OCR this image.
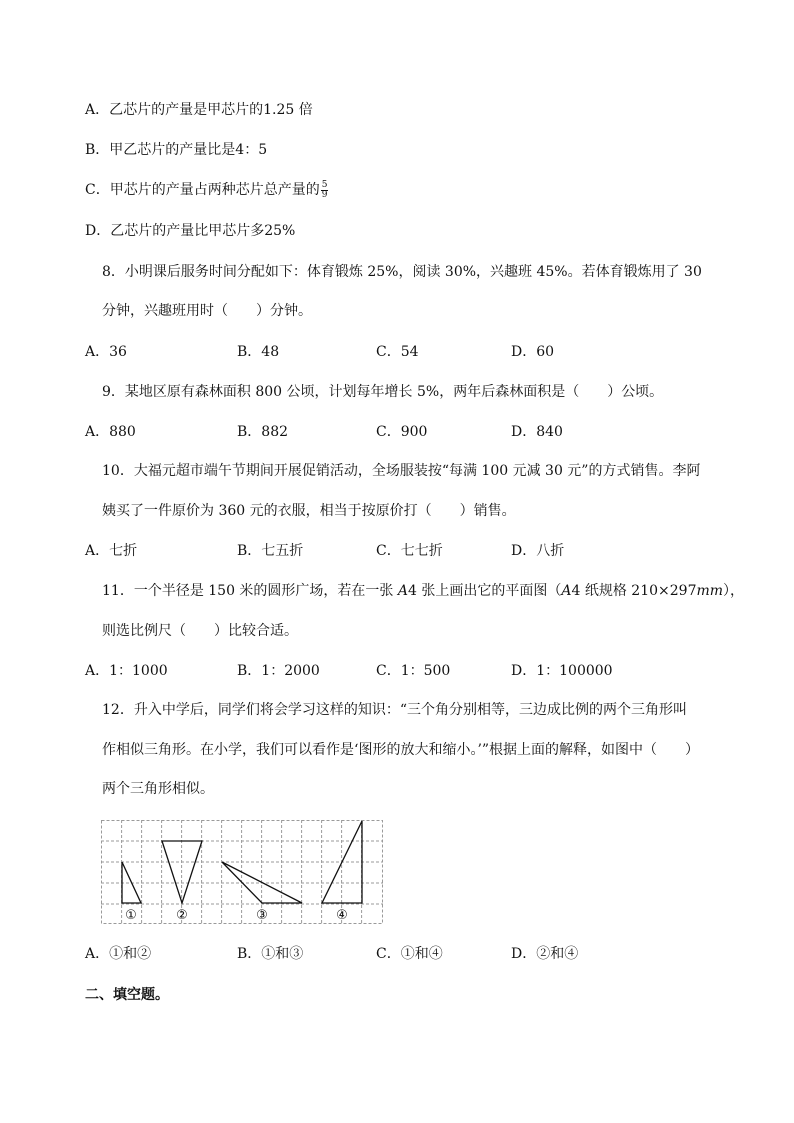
A．乙芯片的产量是甲芯片的1.25 倍
B．甲乙芯片的产量比是4：5
C．甲芯片的产量占两种芯片总产量的 $\frac{5}{9}$
D．乙芯片的产量比甲芯片多25%
8．小明课后服务时间分配如下：体育锻炼 25%，阅读 30%，兴趣班 45%。若体育锻炼用了 30
分钟，兴趣班用时（　　）分钟。
A．36	B．48	C．54	D．60
9．某地区原有森林面积 800 公顷，计划每年增长 5%，两年后森林面积是（　　）公顷。
A．880	B．882	C．900	D．840
10．大福元超市端午节期间开展促销活动，全场服装按“每满 100 元减 30 元”的方式销售。李阿
姨买了一件原价为 360 元的衣服，相当于按原价打（　　）销售。
A．七折	B．七五折	C．七七折	D．八折
11．一个半径是 150 米的圆形广场，若在一张 A4 张上画出它的平面图（A4 纸规格 210×297mm），
则选比例尺（　　）比较合适。
A．1：1000	B．1：2000	C．1：500	D．1：100000
12．升入中学后，同学们将会学习这样的知识：“三个角分别相等，三边成比例的两个三角形叫
作相似三角形。在小学，我们可以看作是‘图形的放大和缩小。’”根据上面的解释，如图中（　　）
两个三角形相似。
①	②	③	④
A．①和②	B．①和③	C．①和④	D．②和④
二、填空题。
